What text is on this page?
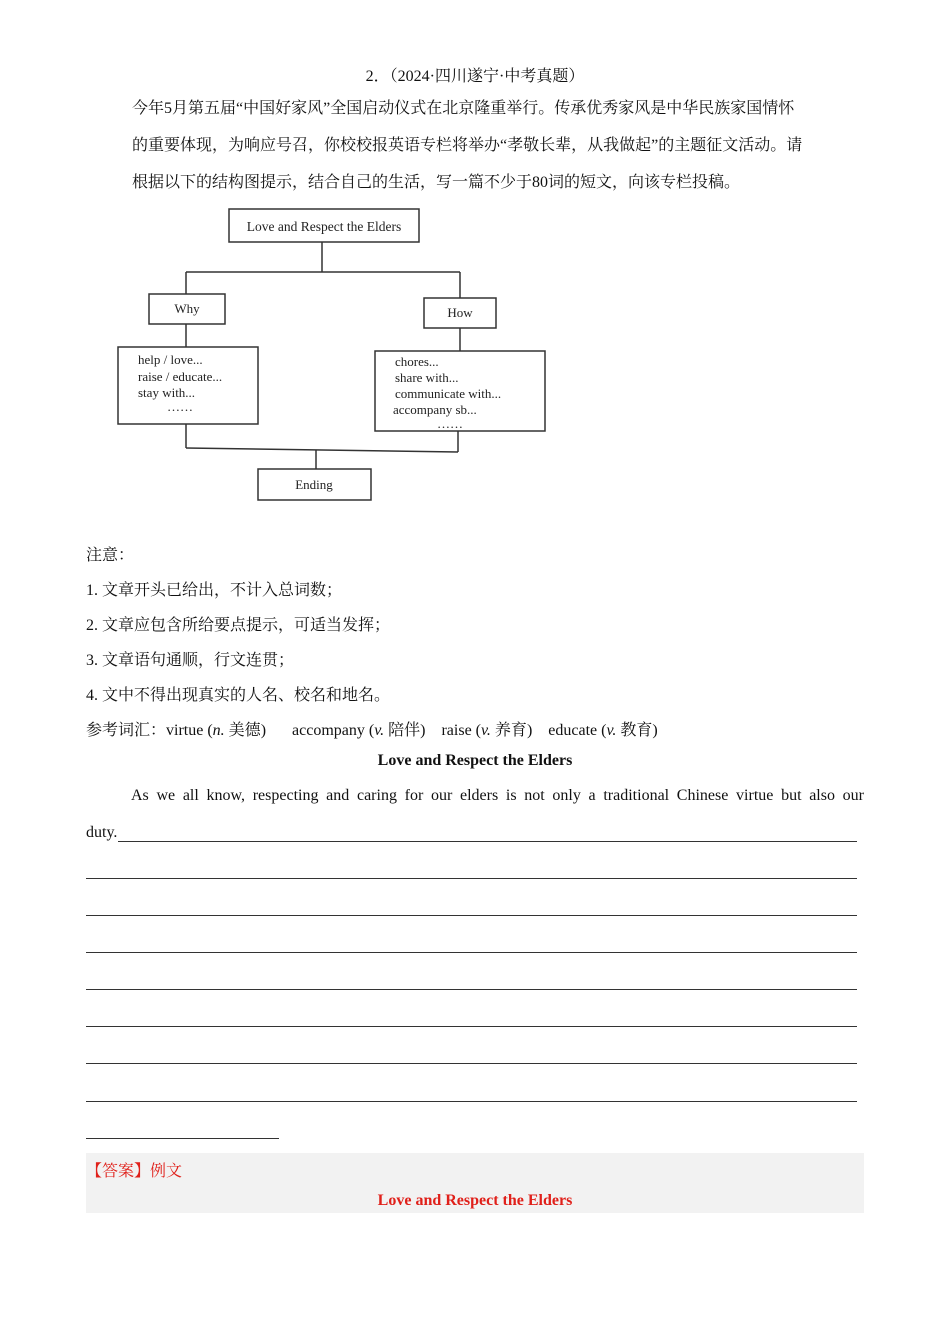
2．（2024·四川遂宁·中考真题）
今年5月第五届“中国好家风”全国启动仪式在北京隆重举行。传承优秀家风是中华民族家国情怀
的重要体现，为响应号召，你校校报英语专栏将举办“孝敬长辈，从我做起”的主题征文活动。请
根据以下的结构图提示，结合自己的生活，写一篇不少于80词的短文，向该专栏投稿。
Love and Respect the Elders
Why	How
help / love...
raise / educate...
stay with...
……
chores...
share with...
communicate with...
accompany sb...
……
Ending
注意：
1. 文章开头已给出，不计入总词数；
2. 文章应包含所给要点提示，可适当发挥；
3. 文章语句通顺，行文连贯；
4. 文中不得出现真实的人名、校名和地名。
参考词汇：virtue (n. 美德) accompany (v. 陪伴) raise (v. 养育) educate (v. 教育)
Love and Respect the Elders
As we all know, respecting and caring for our elders is not only a traditional Chinese virtue but also our
duty.
【答案】例文
Love and Respect the Elders
